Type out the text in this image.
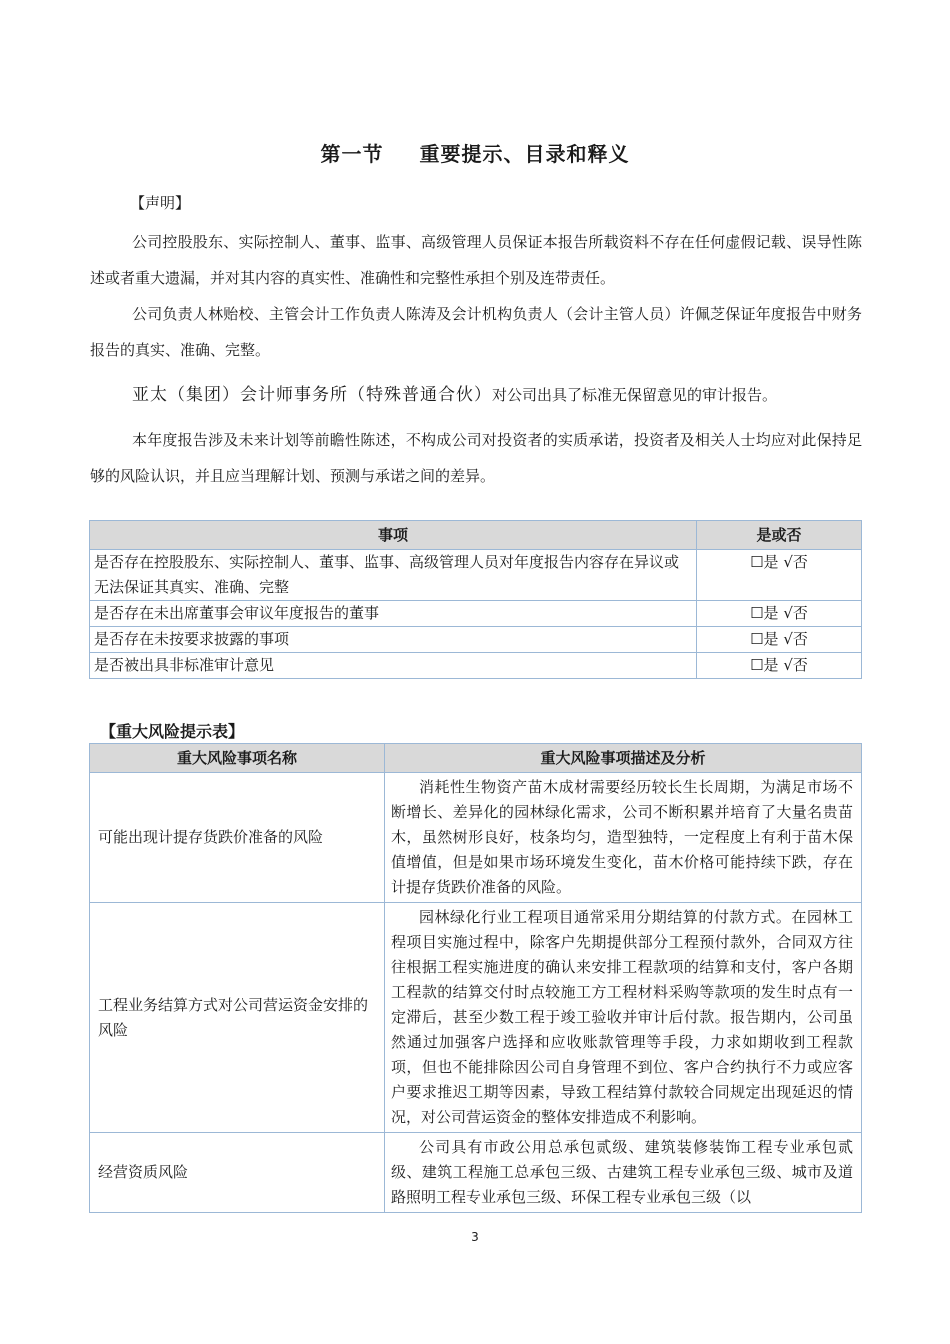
第一节 重要提示、目录和释义
【声明】
公司控股股东、实际控制人、董事、监事、高级管理人员保证本报告所载资料不存在任何虚假记载、误导性陈述或者重大遗漏，并对其内容的真实性、准确性和完整性承担个别及连带责任。
公司负责人林贻校、主管会计工作负责人陈涛及会计机构负责人（会计主管人员）许佩芝保证年度报告中财务报告的真实、准确、完整。
亚太（集团）会计师事务所（特殊普通合伙）对公司出具了标准无保留意见的审计报告。
本年度报告涉及未来计划等前瞻性陈述，不构成公司对投资者的实质承诺，投资者及相关人士均应对此保持足够的风险认识，并且应当理解计划、预测与承诺之间的差异。
事项	是或否
是否存在控股股东、实际控制人、董事、监事、高级管理人员对年度报告内容存在异议或无法保证其真实、准确、完整	☐是 √否
是否存在未出席董事会审议年度报告的董事	☐是 √否
是否存在未按要求披露的事项	☐是 √否
是否被出具非标准审计意见	☐是 √否
【重大风险提示表】
重大风险事项名称	重大风险事项描述及分析
可能出现计提存货跌价准备的风险	消耗性生物资产苗木成材需要经历较长生长周期，为满足市场不断增长、差异化的园林绿化需求，公司不断积累并培育了大量名贵苗木，虽然树形良好，枝条均匀，造型独特，一定程度上有利于苗木保值增值，但是如果市场环境发生变化，苗木价格可能持续下跌，存在计提存货跌价准备的风险。
工程业务结算方式对公司营运资金安排的风险	园林绿化行业工程项目通常采用分期结算的付款方式。在园林工程项目实施过程中，除客户先期提供部分工程预付款外，合同双方往往根据工程实施进度的确认来安排工程款项的结算和支付，客户各期工程款的结算交付时点较施工方工程材料采购等款项的发生时点有一定滞后，甚至少数工程于竣工验收并审计后付款。报告期内，公司虽然通过加强客户选择和应收账款管理等手段，力求如期收到工程款项，但也不能排除因公司自身管理不到位、客户合约执行不力或应客户要求推迟工期等因素，导致工程结算付款较合同规定出现延迟的情况，对公司营运资金的整体安排造成不利影响。
经营资质风险	公司具有市政公用总承包贰级、建筑装修装饰工程专业承包贰级、建筑工程施工总承包三级、古建筑工程专业承包三级、城市及道路照明工程专业承包三级、环保工程专业承包三级（以
3
